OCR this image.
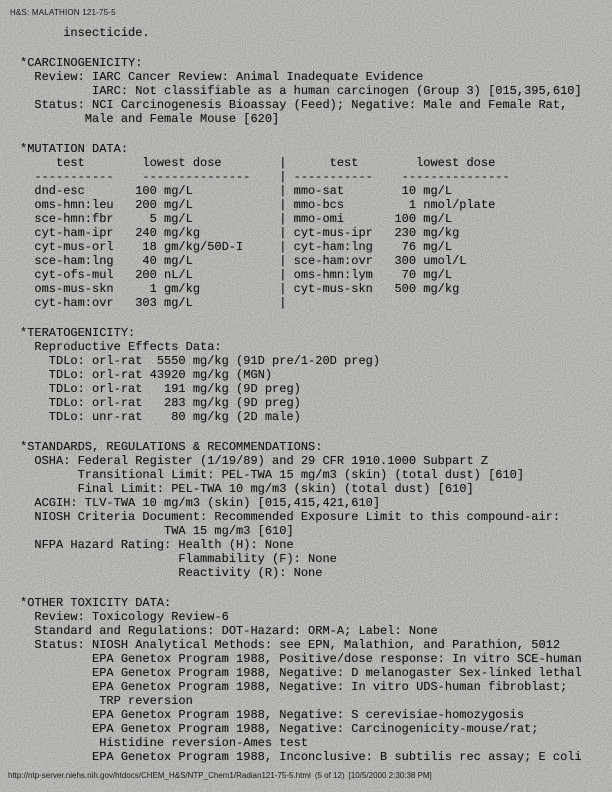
H&S: MALATHION 121-75-5
insecticide.
*CARCINOGENICITY:
Review: IARC Cancer Review: Animal Inadequate Evidence
IARC: Not classifiable as a human carcinogen (Group 3) [015,395,610]
Status: NCI Carcinogenesis Bioassay (Feed); Negative: Male and Female Rat,
Male and Female Mouse [620]
*MUTATION DATA:
test        lowest dose        |      test        lowest dose
-----------    ---------------    | -----------    ---------------
dnd-esc       100 mg/L            | mmo-sat        10 mg/L
oms-hmn:leu   200 mg/L            | mmo-bcs         1 nmol/plate
sce-hmn:fbr     5 mg/L            | mmo-omi       100 mg/L
cyt-ham-ipr   240 mg/kg           | cyt-mus-ipr   230 mg/kg
cyt-mus-orl    18 gm/kg/50D-I     | cyt-ham:lng    76 mg/L
sce-ham:lng    40 mg/L            | sce-ham:ovr   300 umol/L
cyt-ofs-mul   200 nL/L            | oms-hmn:lym    70 mg/L
oms-mus-skn     1 gm/kg           | cyt-mus-skn   500 mg/kg
cyt-ham:ovr   303 mg/L            |
*TERATOGENICITY:
Reproductive Effects Data:
TDLo: orl-rat  5550 mg/kg (91D pre/1-20D preg)
TDLo: orl-rat 43920 mg/kg (MGN)
TDLo: orl-rat   191 mg/kg (9D preg)
TDLo: orl-rat   283 mg/kg (9D preg)
TDLo: unr-rat    80 mg/kg (2D male)
*STANDARDS, REGULATIONS & RECOMMENDATIONS:
OSHA: Federal Register (1/19/89) and 29 CFR 1910.1000 Subpart Z
Transitional Limit: PEL-TWA 15 mg/m3 (skin) (total dust) [610]
Final Limit: PEL-TWA 10 mg/m3 (skin) (total dust) [610]
ACGIH: TLV-TWA 10 mg/m3 (skin) [015,415,421,610]
NIOSH Criteria Document: Recommended Exposure Limit to this compound-air:
TWA 15 mg/m3 [610]
NFPA Hazard Rating: Health (H): None
Flammability (F): None
Reactivity (R): None
*OTHER TOXICITY DATA:
Review: Toxicology Review-6
Standard and Regulations: DOT-Hazard: ORM-A; Label: None
Status: NIOSH Analytical Methods: see EPN, Malathion, and Parathion, 5012
EPA Genetox Program 1988, Positive/dose response: In vitro SCE-human
EPA Genetox Program 1988, Negative: D melanogaster Sex-linked lethal
EPA Genetox Program 1988, Negative: In vitro UDS-human fibroblast;
TRP reversion
EPA Genetox Program 1988, Negative: S cerevisiae-homozygosis
EPA Genetox Program 1988, Negative: Carcinogenicity-mouse/rat;
Histidine reversion-Ames test
EPA Genetox Program 1988, Inconclusive: B subtilis rec assay; E coli
http://ntp-server.niehs.nih.gov/htdocs/CHEM_H&S/NTP_Chem1/Radian121-75-5.html (5 of 12) [10/5/2000 2:30:38 PM]
